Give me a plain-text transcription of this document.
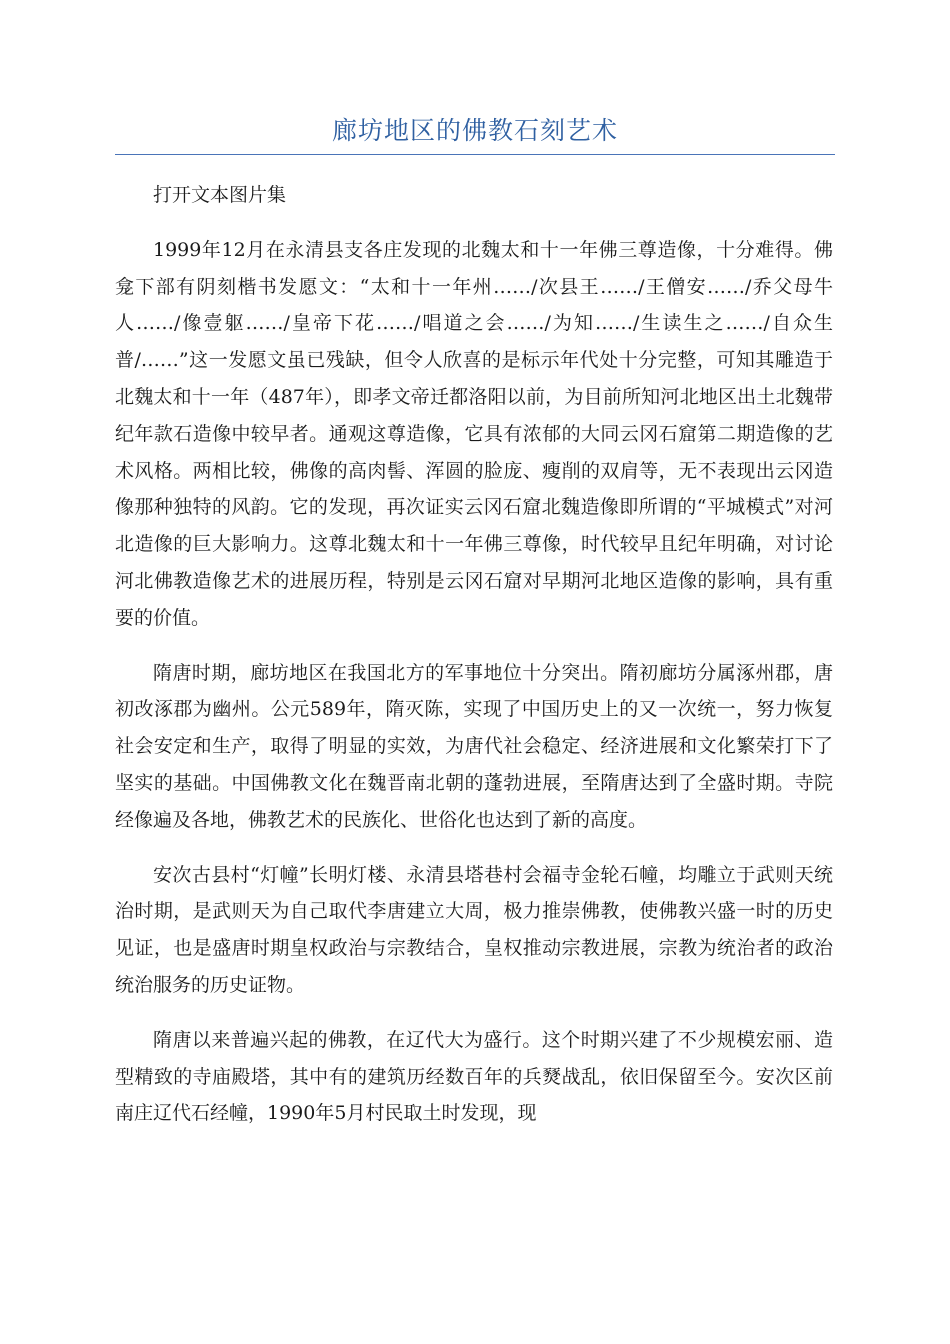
廊坊地区的佛教石刻艺术

打开文本图片集

1999年12月在永清县支各庄发现的北魏太和十一年佛三尊造像，十分难得。佛龛下部有阴刻楷书发愿文：“太和十一年州……/次县王……/王僧安……/乔父母牛人……/像壹躯……/皇帝下花……/唱道之会……/为知……/生读生之……/自众生普/……”这一发愿文虽已残缺，但令人欣喜的是标示年代处十分完整，可知其雕造于北魏太和十一年（487年），即孝文帝迁都洛阳以前，为目前所知河北地区出土北魏带纪年款石造像中较早者。通观这尊造像，它具有浓郁的大同云冈石窟第二期造像的艺术风格。两相比较，佛像的高肉髻、浑圆的脸庞、瘦削的双肩等，无不表现出云冈造像那种独特的风韵。它的发现，再次证实云冈石窟北魏造像即所谓的“平城模式”对河北造像的巨大影响力。这尊北魏太和十一年佛三尊像，时代较早且纪年明确，对讨论河北佛教造像艺术的进展历程，特别是云冈石窟对早期河北地区造像的影响，具有重要的价值。

隋唐时期，廊坊地区在我国北方的军事地位十分突出。隋初廊坊分属涿州郡，唐初改涿郡为幽州。公元589年，隋灭陈，实现了中国历史上的又一次统一，努力恢复社会安定和生产，取得了明显的实效，为唐代社会稳定、经济进展和文化繁荣打下了坚实的基础。中国佛教文化在魏晋南北朝的蓬勃进展，至隋唐达到了全盛时期。寺院经像遍及各地，佛教艺术的民族化、世俗化也达到了新的高度。

安次古县村“灯幢”长明灯楼、永清县塔巷村会福寺金轮石幢，均雕立于武则天统治时期，是武则天为自己取代李唐建立大周，极力推崇佛教，使佛教兴盛一时的历史见证，也是盛唐时期皇权政治与宗教结合，皇权推动宗教进展，宗教为统治者的政治统治服务的历史证物。

隋唐以来普遍兴起的佛教，在辽代大为盛行。这个时期兴建了不少规模宏丽、造型精致的寺庙殿塔，其中有的建筑历经数百年的兵燹战乱，依旧保留至今。安次区前南庄辽代石经幢，1990年5月村民取土时发现，现
